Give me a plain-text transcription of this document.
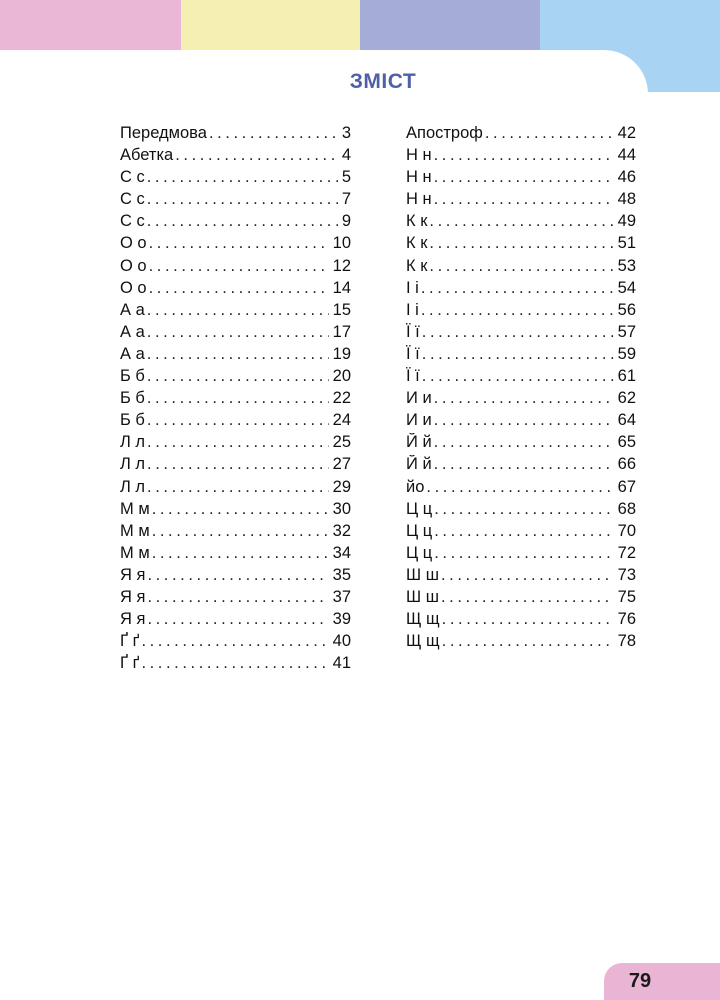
ЗМІСТ
Передмова .....	3
Абетка .....	4
С с .....	5
С с .....	7
С с .....	9
О о .....	10
О о .....	12
О о .....	14
А а .....	15
А а .....	17
А а .....	19
Б б .....	20
Б б .....	22
Б б .....	24
Л л .....	25
Л л .....	27
Л л .....	29
М м .....	30
М м .....	32
М м .....	34
Я я .....	35
Я я .....	37
Я я .....	39
Ґ ґ .....	40
Ґ ґ .....	41
Апостроф .....	42
Н н .....	44
Н н .....	46
Н н .....	48
К к .....	49
К к .....	51
К к .....	53
І і .....	54
І і .....	56
Ї ї .....	57
Ї ї .....	59
Ї ї .....	61
И и .....	62
И и .....	64
Й й .....	65
Й й .....	66
йо .....	67
Ц ц .....	68
Ц ц .....	70
Ц ц .....	72
Ш ш .....	73
Ш ш .....	75
Щ щ .....	76
Щ щ .....	78
79
